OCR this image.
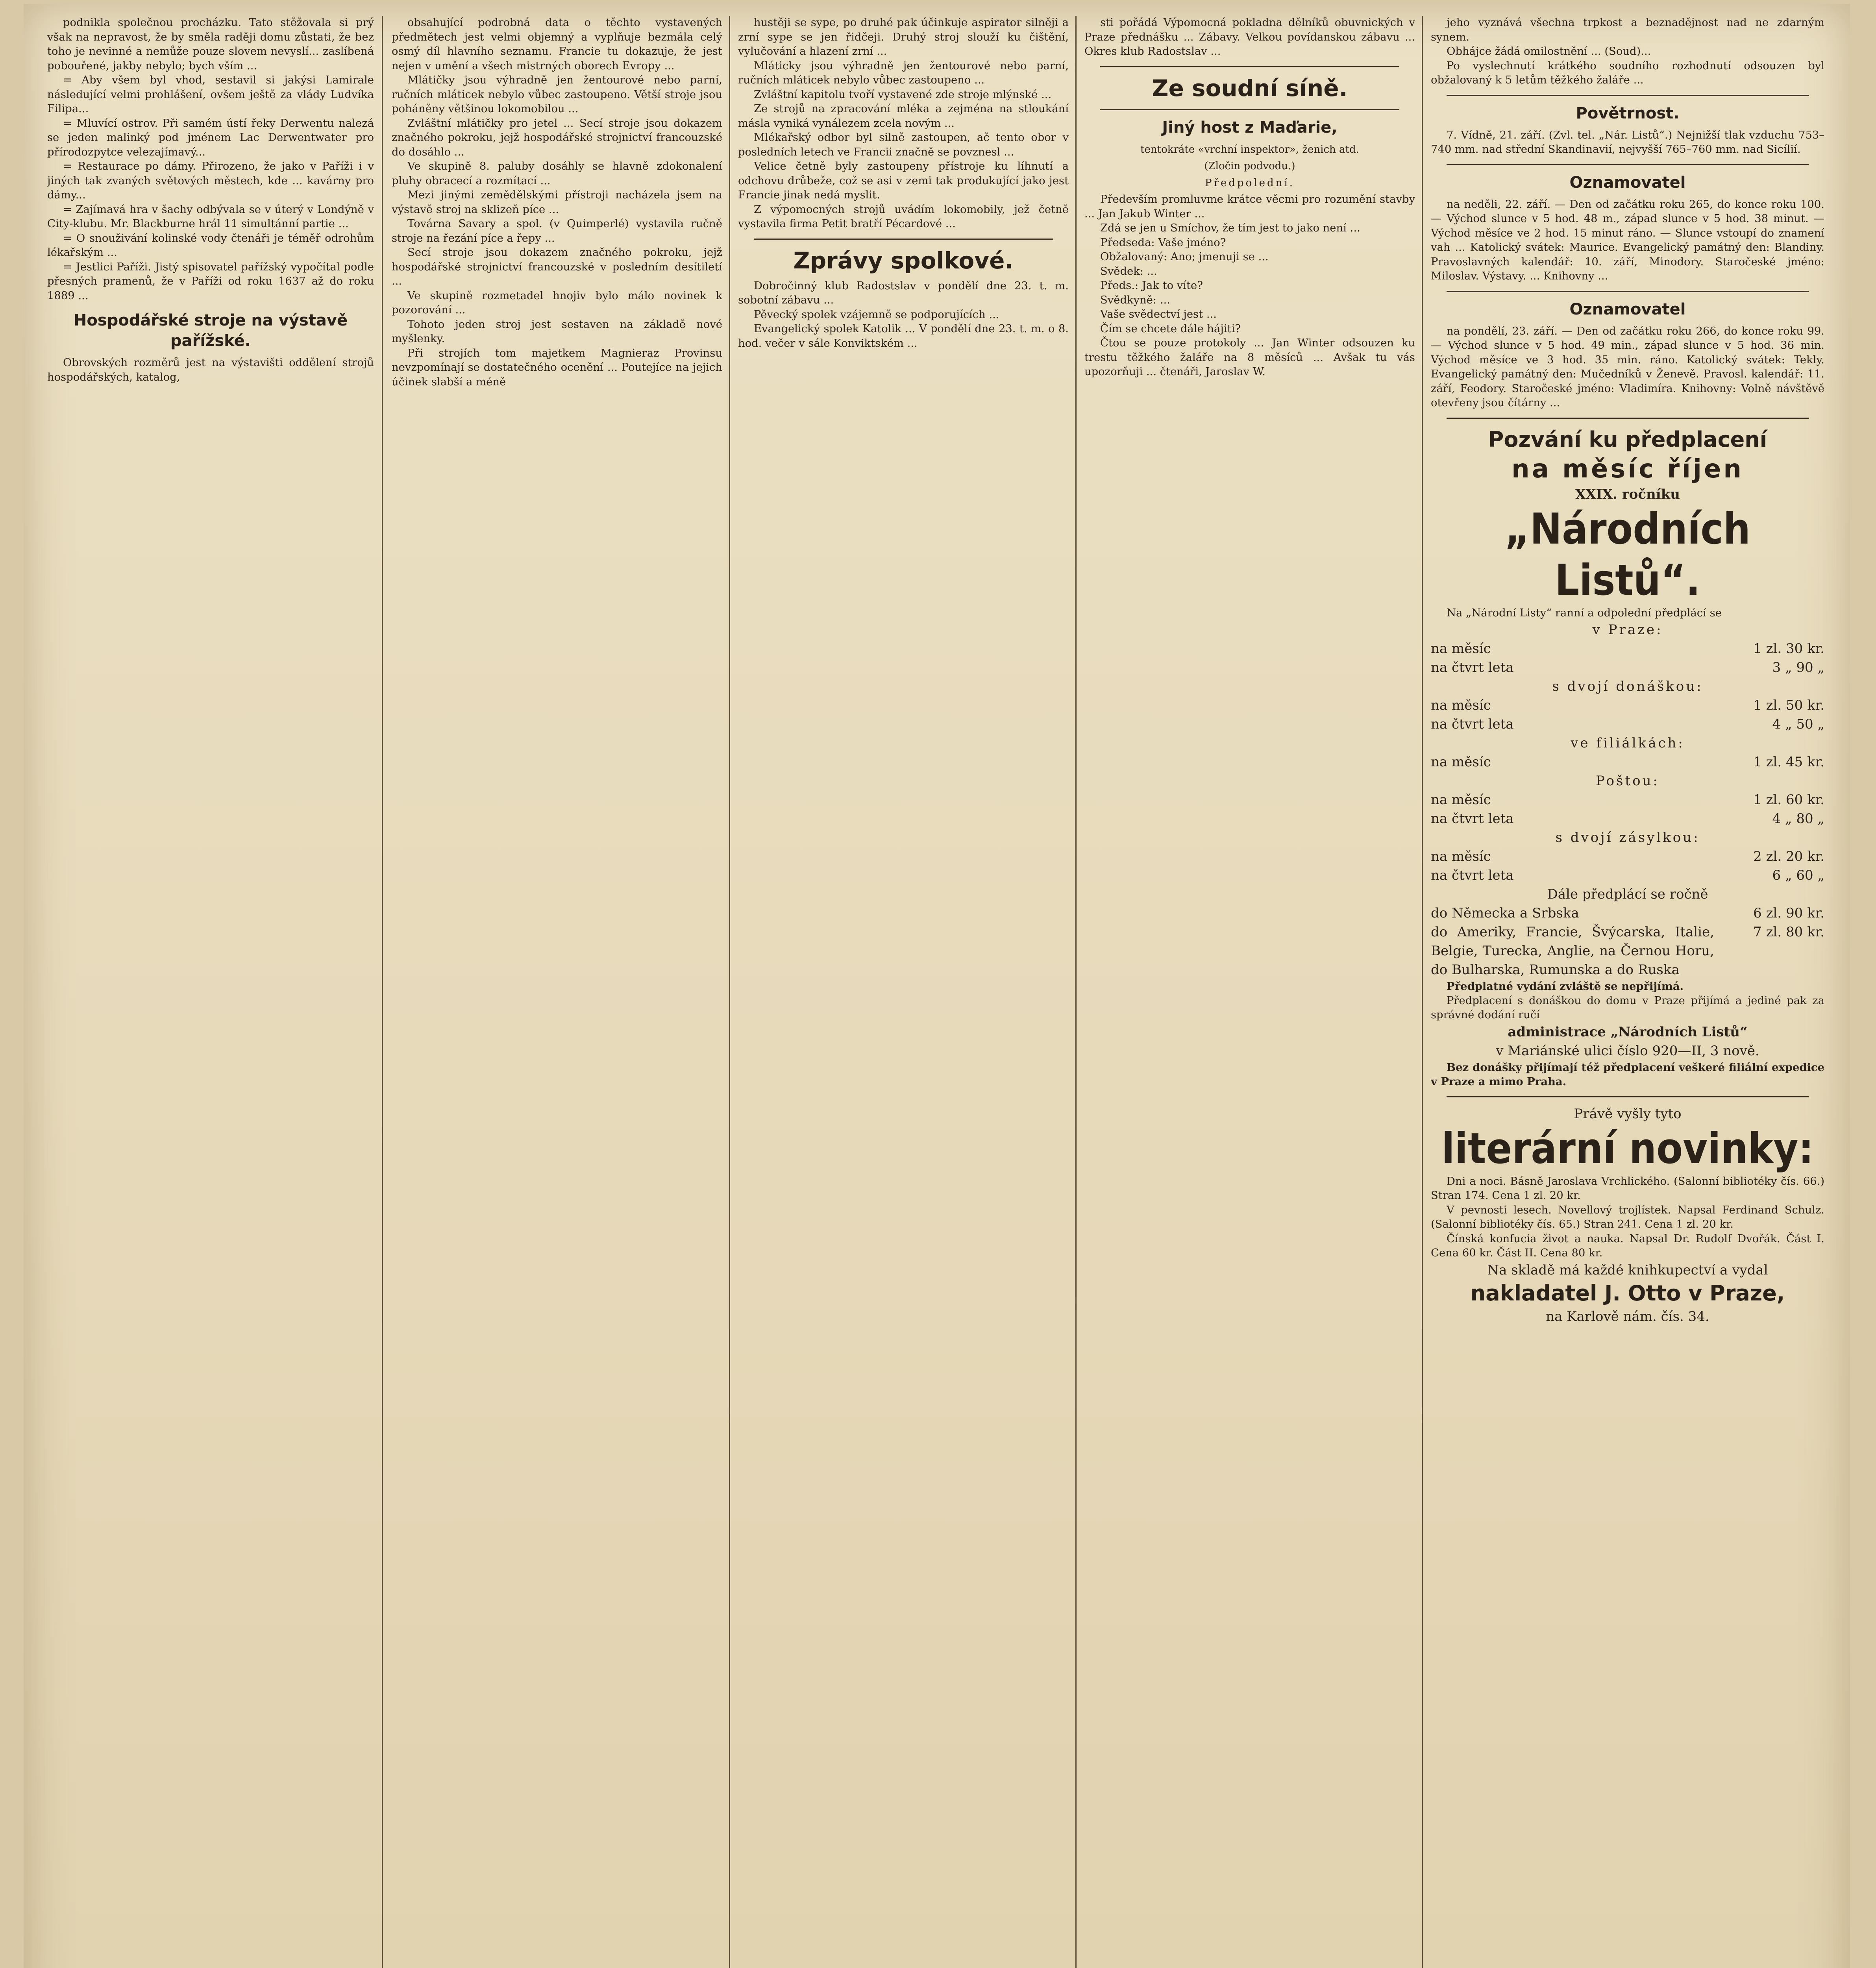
podnikla společnou procházku. Tato stěžovala si prý však na nepravost, že by směla raději domu zůstati, že bez toho je nevinné a nemůže pouze slovem nevyslí... zaslíbená pobouřené, jakby nebylo; bych vším ...

= Aby všem byl vhod, sestavil si jakýsi Lamirale následující velmi prohlášení, ovšem ještě za vlády Ludvíka Filipa...

= Mluvící ostrov. Při samém ústí řeky Derwentu nalezá se jeden malinký pod jménem Lac Derwentwater pro přírodozpytce velezajímavý...

= Restaurace po dámy. Přirozeno, že jako v Paříži i v jiných tak zvaných světových městech, kde ... kavárny pro dámy...

= Zajímavá hra v šachy odbývala se v úterý v Londýně v City-klubu. Mr. Blackburne hrál 11 simultánní partie ...

= O snouživání kolinské vody čtenáři je téměř odrohům lékařským ...

= Jestlici Paříži. Jistý spisovatel pařížský vypočítal podle přesných pramenů, že v Paříži od roku 1637 až do roku 1889 ...

Hospodářské stroje na výstavě pařížské.

Obrovských rozměrů jest na výstavišti oddělení strojů hospodářských, katalog,

obsahující podrobná data o těchto vystavených předmětech jest velmi objemný a vyplňuje bezmála celý osmý díl hlavního seznamu. Francie tu dokazuje, že jest nejen v umění a všech mistrných oborech Evropy ...

Mlátičky jsou výhradně jen žentourové nebo parní, ručních mláticek nebylo vůbec zastoupeno. Větší stroje jsou poháněny většinou lokomobilou ...

Zvláštní mlátičky pro jetel ... Secí stroje jsou dokazem značného pokroku, jejž hospodářské strojnictví francouzské do dosáhlo ...

Ve skupině 8. paluby dosáhly se hlavně zdokonalení pluhy obracecí a rozmítací ...

Mezi jinými zemědělskými přístroji nacházela jsem na výstavě stroj na sklizeň píce ...

Továrna Savary a spol. (v Quimperlé) vystavila ručně stroje na řezání píce a řepy ...

Secí stroje jsou dokazem značného pokroku, jejž hospodářské strojnictví francouzské v posledním desítiletí ...

Ve skupině rozmetadel hnojiv bylo málo novinek k pozorování ...

Tohoto jeden stroj jest sestaven na základě nové myšlenky.

Při strojích tom majetkem Magnieraz Provinsu nevzpomínají se dostatečného ocenění ... Poutejíce na jejich účinek slabší a méně

hustěji se sype, po druhé pak účinkuje aspirator silněji a zrní sype se jen řidčeji. Druhý stroj slouží ku čištění, vylučování a hlazení zrní ...

Mláticky jsou výhradně jen žentourové nebo parní, ručních mláticek nebylo vůbec zastoupeno ...

Zvláštní kapitolu tvoří vystavené zde stroje mlýnské ...

Ze strojů na zpracování mléka a zejména na stloukání másla vyniká vynálezem zcela novým ...

Mlékařský odbor byl silně zastoupen, ač tento obor v posledních letech ve Francii značně se povznesl ...

Velice četně byly zastoupeny přístroje ku líhnutí a odchovu drůbeže, což se asi v zemi tak produkující jako jest Francie jinak nedá myslit.

Z výpomocných strojů uvádím lokomobily, jež četně vystavila firma Petit bratří Pécardové ...

Zprávy spolkové.

Dobročinný klub Radostslav v pondělí dne 23. t. m. sobotní zábavu ...

Pěvecký spolek vzájemně se podporujících ...

Evangelický spolek Katolik ... V pondělí dne 23. t. m. o 8. hod. večer v sále Konviktském ...

sti pořádá Výpomocná pokladna dělníků obuvnických v Praze přednášku ... Zábavy. Velkou povídanskou zábavu ... Okres klub Radostslav ...

Ze soudní síně.
Jiný host z Maďarie,
tentokráte «vrchní inspektor», ženich atd.
(Zločin podvodu.)
Předpolední.

Především promluvme krátce věcmi pro rozumění stavby ... Jan Jakub Winter ...

Zdá se jen u Smíchov, že tím jest to jako není ...

Předseda: Vaše jméno?

Obžalovaný: Ano; jmenuji se ...

Svědek: ...

Předs.: Jak to víte?

Svědkyně: ...

Vaše svědectví jest ...

Čím se chcete dále hájiti?

Čtou se pouze protokoly ... Jan Winter odsouzen ku trestu těžkého žaláře na 8 měsíců ... Avšak tu vás upozorňuji ... čtenáři, Jaroslav W.

jeho vyznává všechna trpkost a beznadějnost nad ne zdarným synem.

Obhájce žádá omilostnění ... (Soud)...

Po vyslechnutí krátkého soudního rozhodnutí odsouzen byl obžalovaný k 5 letům těžkého žaláře ...

Povětrnost.

7. Vídně, 21. září. (Zvl. tel. „Nár. Listů“.) Nejnižší tlak vzduchu 753–740 mm. nad střední Skandinavií, nejvyšší 765–760 mm. nad Sicílií.

Oznamovatel

na neděli, 22. září. — Den od začátku roku 265, do konce roku 100. — Východ slunce v 5 hod. 48 m., západ slunce v 5 hod. 38 minut. — Východ měsíce ve 2 hod. 15 minut ráno. — Slunce vstoupí do znamení vah ... Katolický svátek: Maurice. Evangelický památný den: Blandiny. Pravoslavných kalendář: 10. září, Minodory. Staročeské jméno: Miloslav. Výstavy. ... Knihovny ...

Oznamovatel

na pondělí, 23. září. — Den od začátku roku 266, do konce roku 99. — Východ slunce v 5 hod. 49 min., západ slunce v 5 hod. 36 min. Východ měsíce ve 3 hod. 35 min. ráno. Katolický svátek: Tekly. Evangelický památný den: Mučedníků v Ženevě. Pravosl. kalendář: 11. září, Feodory. Staročeské jméno: Vladimíra. Knihovny: Volně návštěvě otevřeny jsou čítárny ...

Pozvání ku předplacení
na měsíc říjen
XXIX. ročníku
„Národních Listů“.

Na „Národní Listy“ ranní a odpolední předplácí se

v Praze:
na měsíc	1 zl. 30 kr.
na čtvrt leta	3 „ 90 „
s dvojí donáškou:
na měsíc	1 zl. 50 kr.
na čtvrt leta	4 „ 50 „
ve filiálkách:
na měsíc	1 zl. 45 kr.
Poštou:
na měsíc	1 zl. 60 kr.
na čtvrt leta	4 „ 80 „
s dvojí zásylkou:
na měsíc	2 zl. 20 kr.
na čtvrt leta	6 „ 60 „
Dále předplácí se ročně
do Německa a Srbska	6 zl. 90 kr.
do Ameriky, Francie, Švýcarska, Italie, Belgie, Turecka, Anglie, na Černou Horu, do Bulharska, Rumunska a do Ruska
7 zl. 80 kr.

Předplatné vydání zvláště se nepřijímá.

Předplacení s donáškou do domu v Praze přijímá a jediné pak za správné dodání ručí

administrace „Národních Listů“
v Mariánské ulici číslo 920—II, 3 nově.

Bez donášky přijímají též předplacení veškeré filiální expedice v Praze a mimo Praha.

Právě vyšly tyto
literární novinky:

Dni a noci. Básně Jaroslava Vrchlického. (Salonní bibliotéky čís. 66.) Stran 174. Cena 1 zl. 20 kr.

V pevnosti lesech. Novellový trojlístek. Napsal Ferdinand Schulz. (Salonní bibliotéky čís. 65.) Stran 241. Cena 1 zl. 20 kr.

Čínská konfucia život a nauka. Napsal Dr. Rudolf Dvořák. Část I. Cena 60 kr. Část II. Cena 80 kr.

Na skladě má každé knihkupectví a vydal
nakladatel J. Otto v Praze,
na Karlově nám. čís. 34.
